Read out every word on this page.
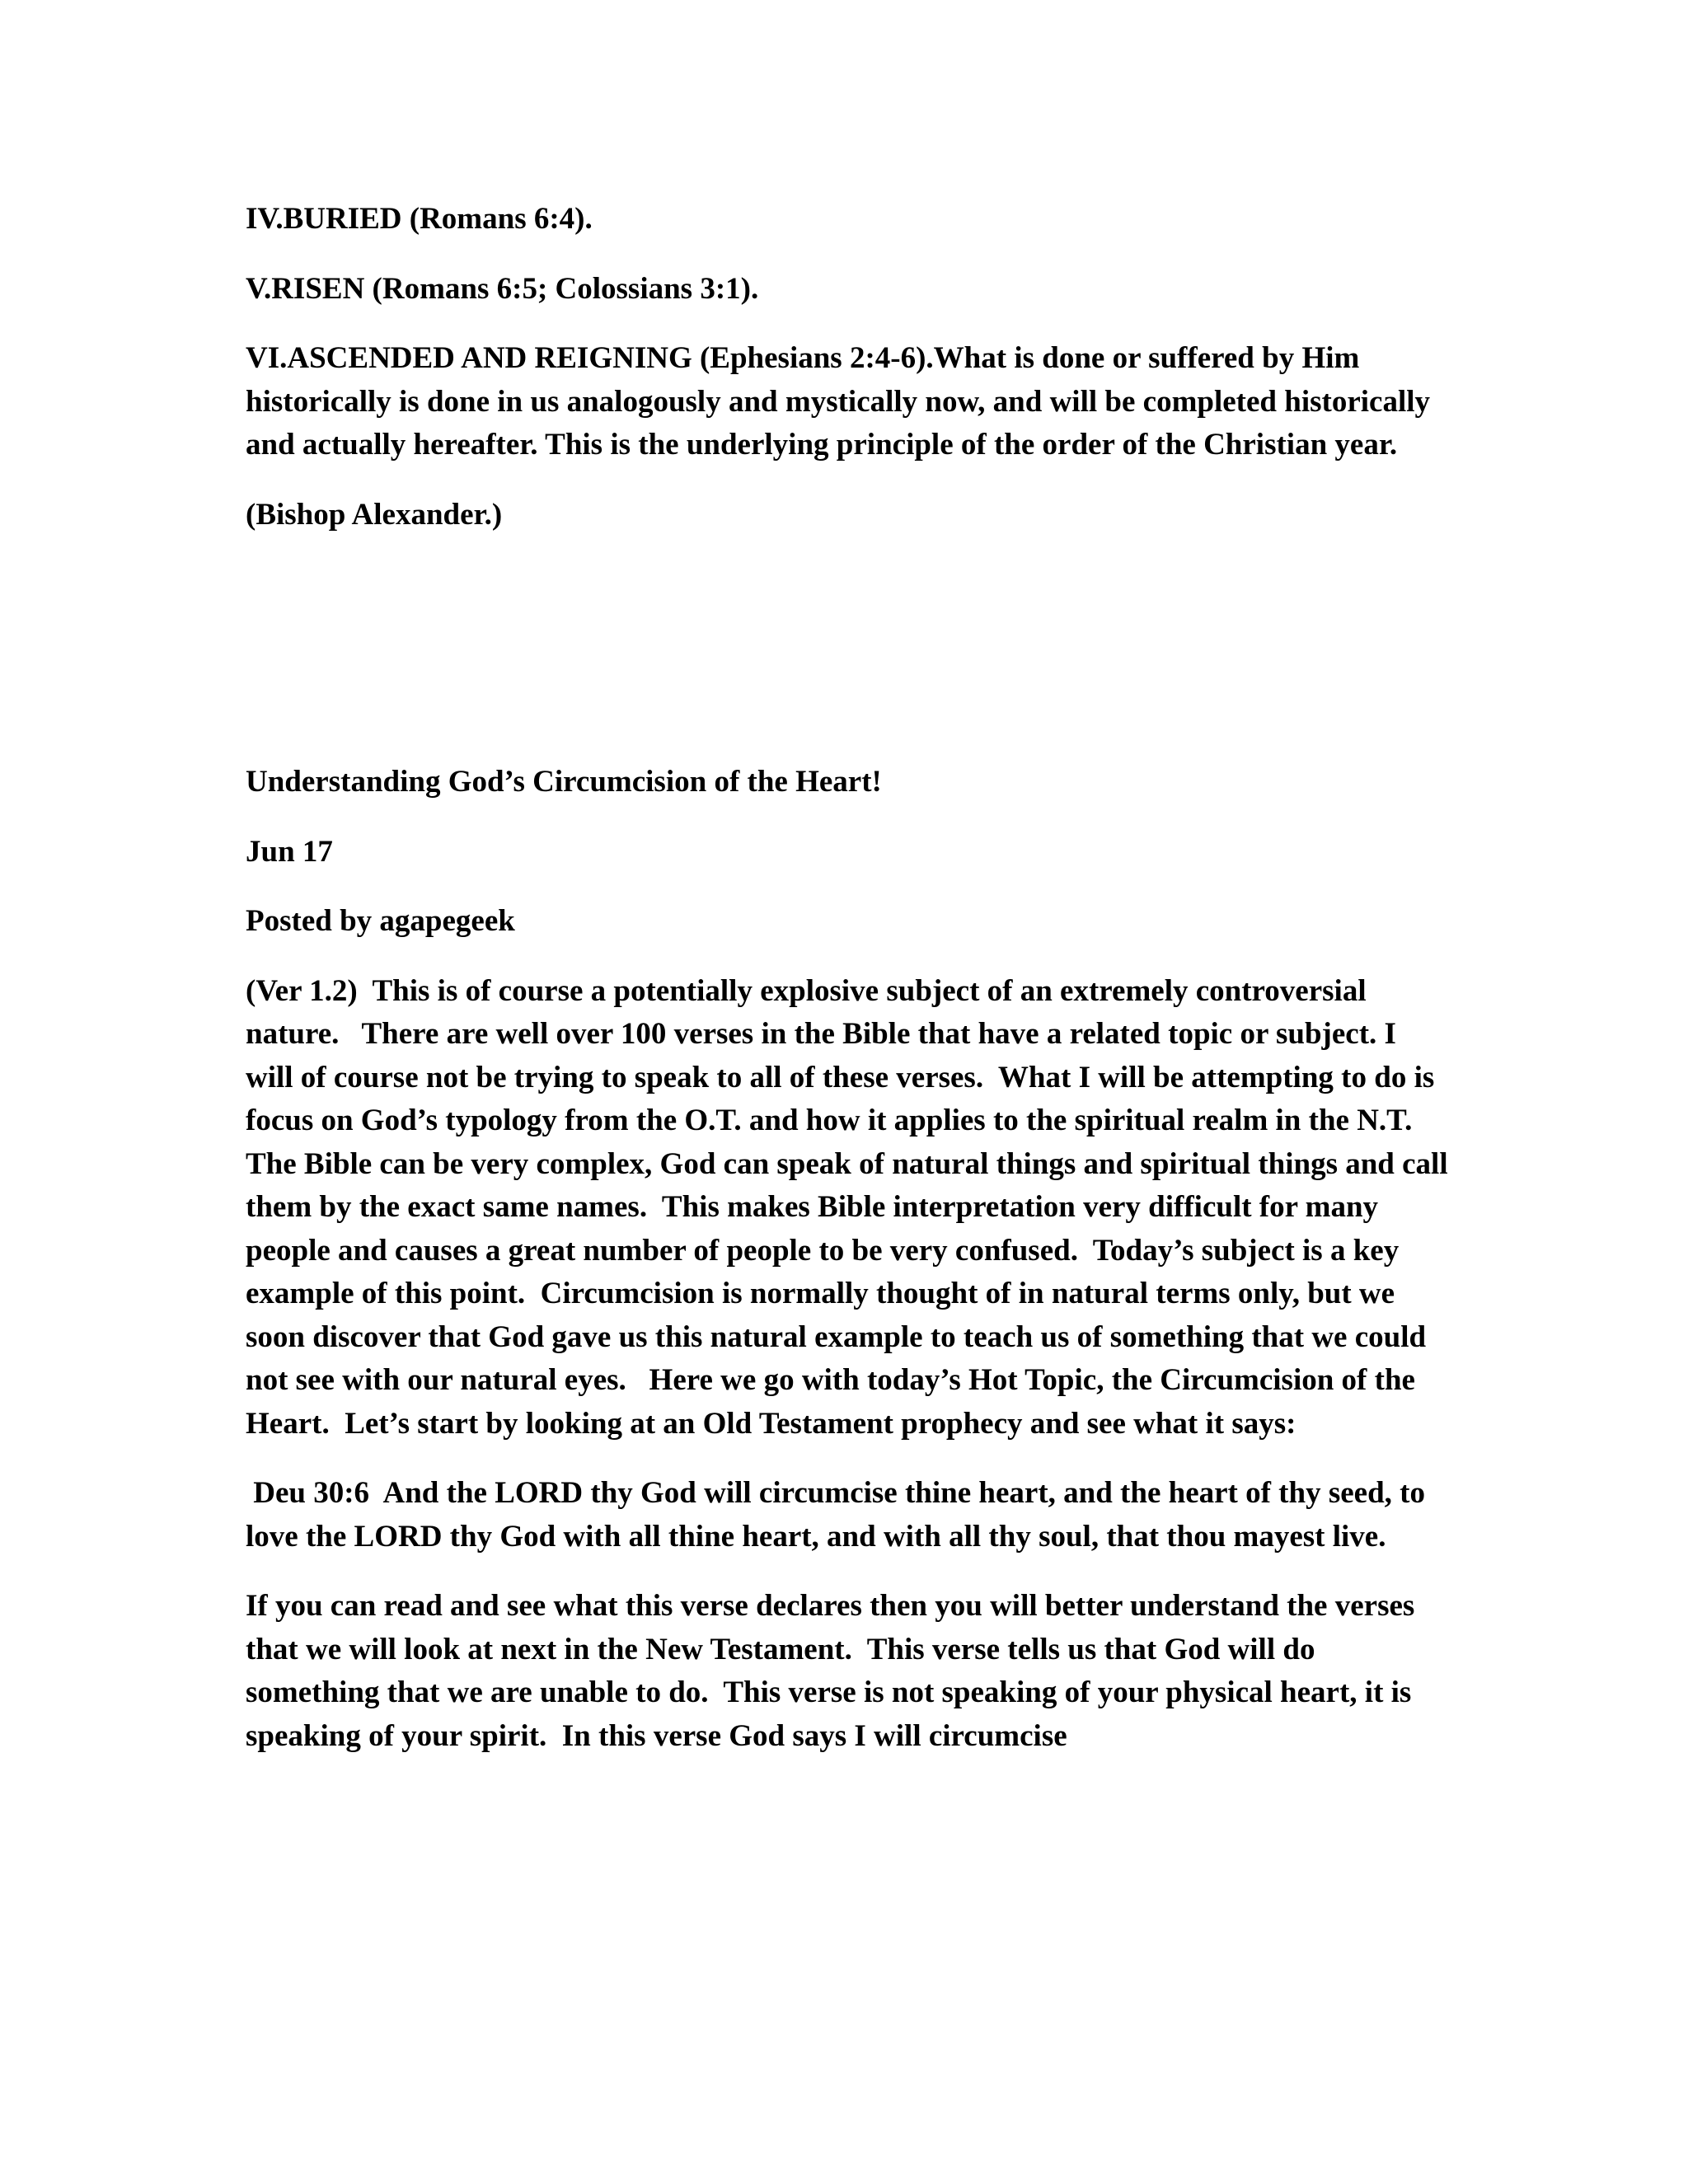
IV.BURIED (Romans 6:4).

V.RISEN (Romans 6:5; Colossians 3:1).

VI.ASCENDED AND REIGNING (Ephesians 2:4-6).What is done or suffered by Him historically is done in us analogously and mystically now, and will be completed historically and actually hereafter. This is the underlying principle of the order of the Christian year.

(Bishop Alexander.)

Understanding God’s Circumcision of the Heart!

Jun 17

Posted by agapegeek

(Ver 1.2)  This is of course a potentially explosive subject of an extremely controversial nature.   There are well over 100 verses in the Bible that have a related topic or subject. I will of course not be trying to speak to all of these verses.  What I will be attempting to do is focus on God’s typology from the O.T. and how it applies to the spiritual realm in the N.T.  The Bible can be very complex, God can speak of natural things and spiritual things and call them by the exact same names.  This makes Bible interpretation very difficult for many people and causes a great number of people to be very confused.  Today’s subject is a key example of this point.  Circumcision is normally thought of in natural terms only, but we soon discover that God gave us this natural example to teach us of something that we could not see with our natural eyes.   Here we go with today’s Hot Topic, the Circumcision of the Heart.  Let’s start by looking at an Old Testament prophecy and see what it says:

Deu 30:6  And the LORD thy God will circumcise thine heart, and the heart of thy seed, to love the LORD thy God with all thine heart, and with all thy soul, that thou mayest live.

If you can read and see what this verse declares then you will better understand the verses that we will look at next in the New Testament.  This verse tells us that God will do something that we are unable to do.  This verse is not speaking of your physical heart, it is speaking of your spirit.  In this verse God says I will circumcise
